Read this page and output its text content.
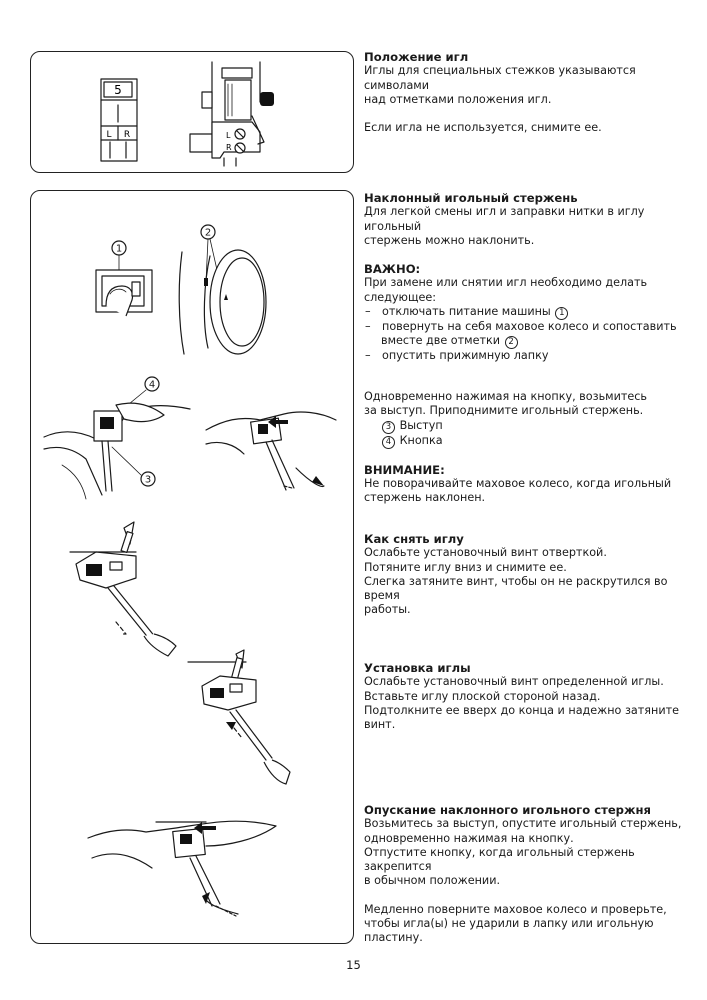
5
L R	L
R
1
2
4
3
Положение игл

Иглы для специальных стежков указываются символами

над отметками положения игл.

Если игла не используется, снимите ее.

Наклонный игольный стержень

Для легкой смены игл и заправки нитки в иглу игольный

стержень можно наклонить.

ВАЖНО:

При замене или снятии игл необходимо делать

следующее:

– отключать питание машины 1

– повернуть на себя маховое колесо и сопоставить

вместе две отметки 2

– опустить прижимную лапку

Одновременно нажимая на кнопку, возьмитесь

за выступ. Приподнимите игольный стержень.

3 Выступ

4 Кнопка

ВНИМАНИЕ:

Не поворачивайте маховое колесо, когда игольный

стержень наклонен.

Как снять иглу

Ослабьте установочный винт отверткой.

Потяните иглу вниз и снимите ее.

Слегка затяните винт, чтобы он не раскрутился во время

работы.

Установка иглы

Ослабьте установочный винт определенной иглы.

Вставьте иглу плоской стороной назад.

Подтолкните ее вверх до конца и надежно затяните

винт.

Опускание наклонного игольного стержня

Возьмитесь за выступ, опустите игольный стержень,

одновременно нажимая на кнопку.

Отпустите кнопку, когда игольный стержень закрепится

в обычном положении.

Медленно поверните маховое колесо и проверьте,

чтобы игла(ы) не ударили в лапку или игольную

пластину.

15
